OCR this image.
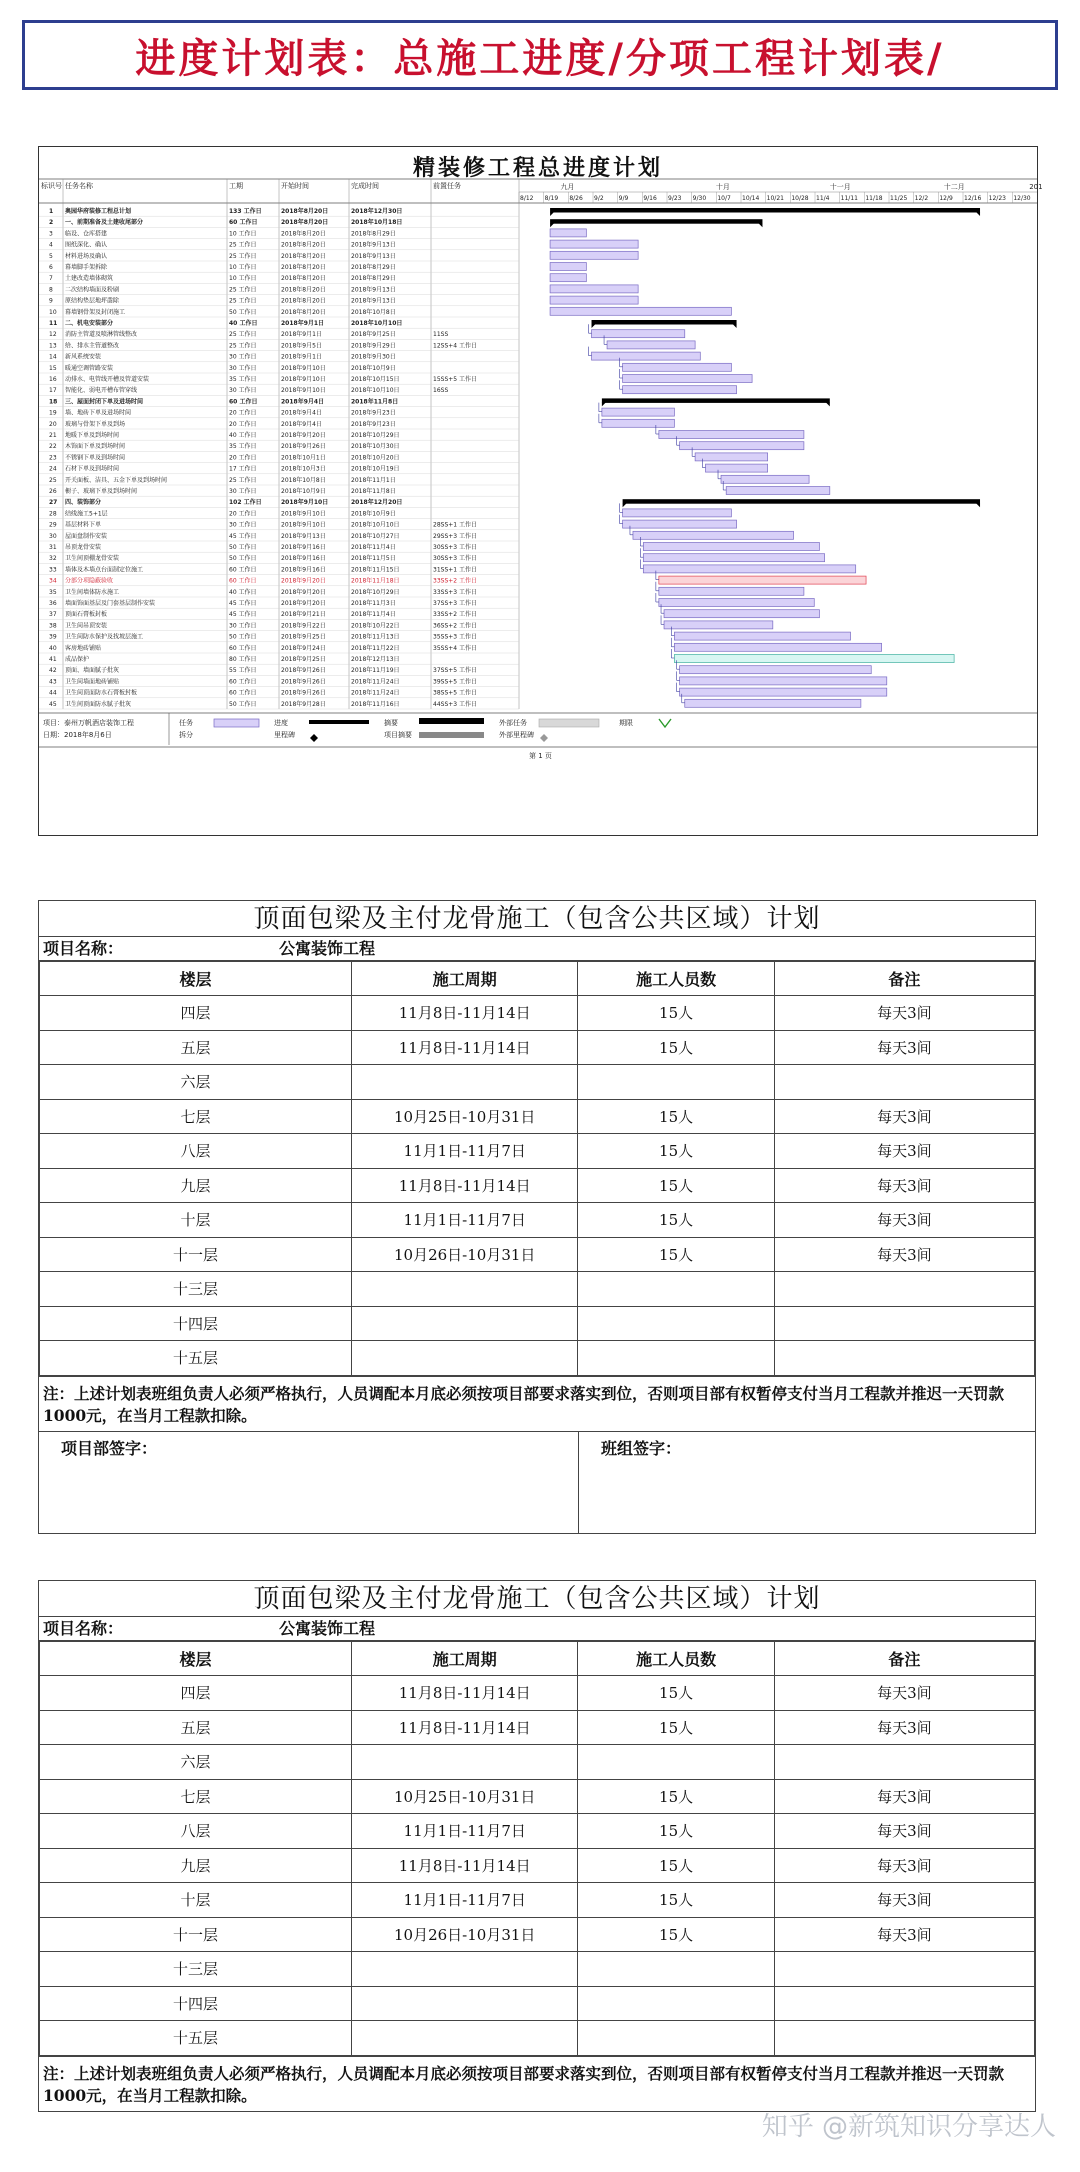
进度计划表：总施工进度/分项工程计划表/
精装修工程总进度计划
标识号 任务名称	工期	开始时间	完成时间	前置任务	九月	十月	十一月	十二月	201
8/12 8/19 8/26 9/2	9/9	9/16 9/23 9/30 10/7 10/14 10/21 10/28 11/4 11/11 11/18 11/25 12/2 12/9 12/16 12/23 12/30
1 奥园华府装修工程总计划	133 工作日	2018年8月20日	2018年12月30日
2 一、前期准备及土建收尾部分	60 工作日	2018年8月20日	2018年10月18日
3 临设、仓库搭建	10 工作日	2018年8月20日	2018年8月29日
4 图纸深化、确认	25 工作日	2018年8月20日	2018年9月13日
5 材料进场及确认	25 工作日	2018年8月20日	2018年9月13日
6 幕墙脚手架拆除	10 工作日	2018年8月20日	2018年8月29日
7 土建改造墙体砌筑	10 工作日	2018年8月20日	2018年8月29日
8 二次结构墙面及粉刷	25 工作日	2018年8月20日	2018年9月13日
9 原结构垫层地坪凿除	25 工作日	2018年8月20日	2018年9月13日
10 幕墙钢骨架及封闭施工	50 工作日	2018年8月20日	2018年10月8日
11 二、机电安装部分	40 工作日	2018年9月1日	2018年10月10日
12 消防主管道及喷淋管线整改	25 工作日	2018年9月1日	2018年9月25日	11SS
13 给、排水主管道整改	25 工作日	2018年9月5日	2018年9月29日	12SS+4 工作日
14 新风系统安装	30 工作日	2018年9月1日	2018年9月30日
15 暖通空调管路安装	30 工作日	2018年9月10日	2018年10月9日
16 动排水、电管线开槽及管道安装	35 工作日	2018年9月10日	2018年10月15日	15SS+5 工作日
17 智能化、弱电开槽布管穿线	30 工作日	2018年9月10日	2018年10月10日	16SS
18 三、屋面封闭下单及进场时间	60 工作日	2018年9月4日	2018年11月8日
19 墙、地砖下单及进场时间	20 工作日	2018年9月4日	2018年9月23日
20 玻璃与骨架下单及到场	20 工作日	2018年9月4日	2018年9月23日
21 地暖下单及到场时间	40 工作日	2018年9月20日	2018年10月29日
22 木饰面下单及到场时间	35 工作日	2018年9月26日	2018年10月30日
23 不锈钢下单及到场时间	20 工作日	2018年10月1日	2018年10月20日
24 石材下单及到场时间	17 工作日	2018年10月3日	2018年10月19日
25 开关面板、洁具、五金下单及到场时间	25 工作日	2018年10月8日	2018年11月1日
26 橱子、玻璃下单及到场时间	30 工作日	2018年10月9日	2018年11月8日
27 四、装饰部分	102 工作日	2018年9月10日	2018年12月20日
28 结线施工5+1层	20 工作日	2018年9月10日	2018年10月9日
29 基层材料下单	30 工作日	2018年9月10日	2018年10月10日	28SS+1 工作日
30 屋面盘制作安装	45 工作日	2018年9月13日	2018年10月27日	29SS+3 工作日
31 吊顶龙骨安装	50 工作日	2018年9月16日	2018年11月4日	30SS+3 工作日
32 卫生间顶棚龙骨安装	50 工作日	2018年9月16日	2018年11月5日	30SS+3 工作日
33 墙体及木墙点台面制定位施工	60 工作日	2018年9月16日	2018年11月15日	31SS+1 工作日
34 分部分项隐蔽验收	60 工作日	2018年9月20日	2018年11月18日	33SS+2 工作日
35 卫生间墙体防水施工	40 工作日	2018年9月20日	2018年10月29日	33SS+3 工作日
36 墙面饰面基层及门套基层制作安装	45 工作日	2018年9月20日	2018年11月3日	37SS+3 工作日
37 顶面石膏板封板	45 工作日	2018年9月21日	2018年11月4日	33SS+2 工作日
38 卫生间吊顶安装	30 工作日	2018年9月22日	2018年10月22日	36SS+2 工作日
39 卫生间防水保护及找坡层施工	50 工作日	2018年9月25日	2018年11月13日	35SS+3 工作日
40 客房地砖铺贴	60 工作日	2018年9月24日	2018年11月22日	35SS+4 工作日
41 成品保护	80 工作日	2018年9月25日	2018年12月13日
42 顶面、墙面腻子批灰	55 工作日	2018年9月26日	2018年11月19日	37SS+5 工作日
43 卫生间墙面地砖铺贴	60 工作日	2018年9月26日	2018年11月24日	39SS+5 工作日
44 卫生间顶面防水石膏板封板	60 工作日	2018年9月26日	2018年11月24日	38SS+5 工作日
45 卫生间顶面防水腻子批灰	50 工作日	2018年9月28日	2018年11月16日	44SS+3 工作日
项目：泰州万帆酒店装饰工程
日期：2018年8月6日
任务
拆分
进度
里程碑
摘要
项目摘要
外部任务
外部里程碑
期限
第 1 页
顶面包梁及主付龙骨施工（包含公共区域）计划
项目名称：	公寓装饰工程
楼层	施工周期	施工人员数	备注
四层	11月8日-11月14日	15人	每天3间
五层	11月8日-11月14日	15人	每天3间
六层			
七层	10月25日-10月31日	15人	每天3间
八层	11月1日-11月7日	15人	每天3间
九层	11月8日-11月14日	15人	每天3间
十层	11月1日-11月7日	15人	每天3间
十一层	10月26日-10月31日	15人	每天3间
十三层			
十四层			
十五层			
注：上述计划表班组负责人必须严格执行，人员调配本月底必须按项目部要求落实到位，否则项目部有权暂停支付当月工程款并推迟一天罚款1000元，在当月工程款扣除。
项目部签字：	班组签字：
顶面包梁及主付龙骨施工（包含公共区域）计划
项目名称：	公寓装饰工程
楼层	施工周期	施工人员数	备注
四层	11月8日-11月14日	15人	每天3间
五层	11月8日-11月14日	15人	每天3间
六层			
七层	10月25日-10月31日	15人	每天3间
八层	11月1日-11月7日	15人	每天3间
九层	11月8日-11月14日	15人	每天3间
十层	11月1日-11月7日	15人	每天3间
十一层	10月26日-10月31日	15人	每天3间
十三层			
十四层			
十五层			
注：上述计划表班组负责人必须严格执行，人员调配本月底必须按项目部要求落实到位，否则项目部有权暂停支付当月工程款并推迟一天罚款1000元，在当月工程款扣除。
知乎 @新筑知识分享达人
